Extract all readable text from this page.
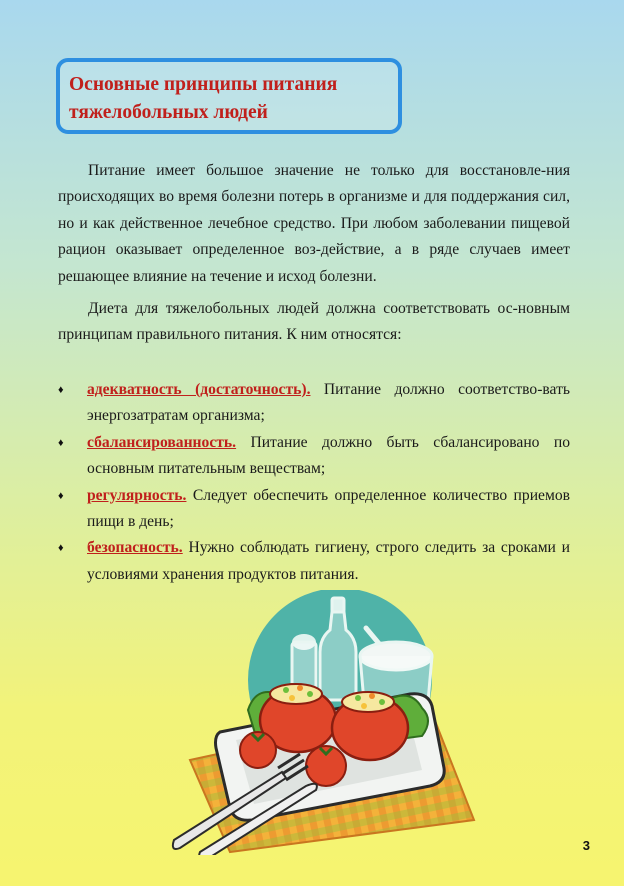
Основные принципы питания
тяжелобольных людей

Питание имеет большое значение не только для восстановле-ния происходящих во время болезни потерь в организме и для поддержания сил, но и как действенное лечебное средство. При любом заболевании пищевой рацион оказывает определенное воз-действие, а в ряде случаев имеет решающее влияние на течение и исход болезни.

Диета для тяжелобольных людей должна соответствовать ос-новным принципам правильного питания. К ним относятся:

♦ адекватность (достаточность). Питание должно соответство-вать энергозатратам организма;
♦ сбалансированность. Питание должно быть сбалансировано по основным питательным веществам;
♦ регулярность. Следует обеспечить определенное количество приемов пищи в день;
♦ безопасность. Нужно соблюдать гигиену, строго следить за сроками и условиями хранения продуктов питания.
3
